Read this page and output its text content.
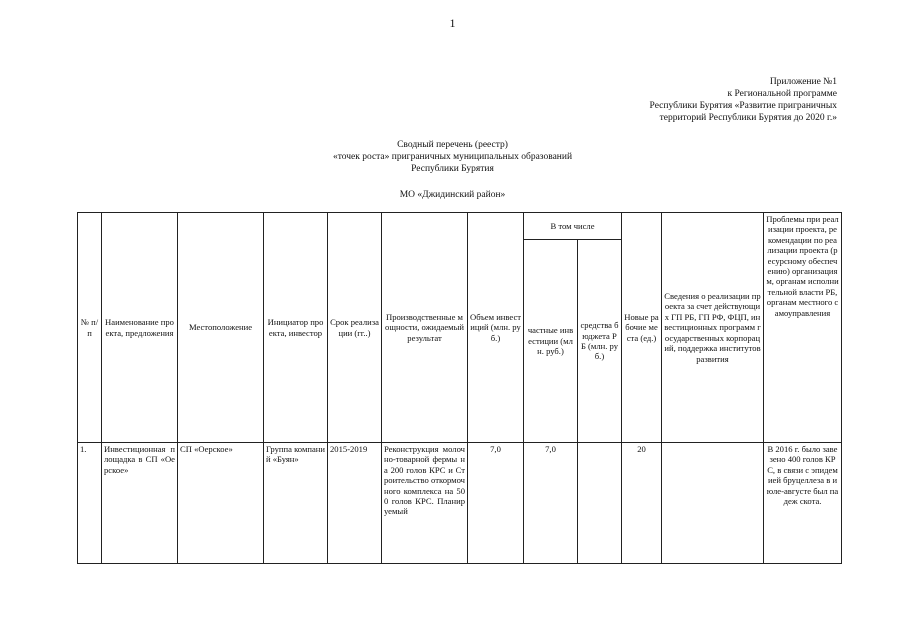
1
Приложение №1
к Региональной программе
Республики Бурятия «Развитие приграничных
территорий Республики Бурятия до 2020 г.»
Сводный перечень (реестр)
«точек роста» приграничных муниципальных образований
Республики Бурятия
МО «Джидинский район»
№ п/п	Наименование проекта, предложения	Местоположение	Инициатор проекта, инвестор	Срок реализации (гг..)	Производственные мощности, ожидаемый результат	Объем инвестиций (млн. руб.)	В том числе		Новые рабочие места (ед.)	Сведения о реализации проекта за счет действующих ГП РБ, ГП РФ, ФЦП, инвестиционных программ государственных корпораций, поддержка институтов развития	Проблемы при реализации проекта, рекомендации по реализации проекта (ресурсному обеспечению) организациям, органам исполнительной власти РБ, органам местного самоуправления
							частные инвестиции (млн. руб.)	средства бюджета РБ (млн. руб.)			
1.	Инвестиционная площадка в СП «Оерское»	СП «Оерское»	Группа компаний «Буян»	2015-2019	Реконструкция молочно-товарной фермы на 200 голов КРС и Строительство откормочного комплекса на 500 голов КРС. Планируемый	7,0	7,0		20		В 2016 г. было завезено 400 голов КРС, в связи с эпидемией бруцеллеза в июле-августе был падеж скота.
